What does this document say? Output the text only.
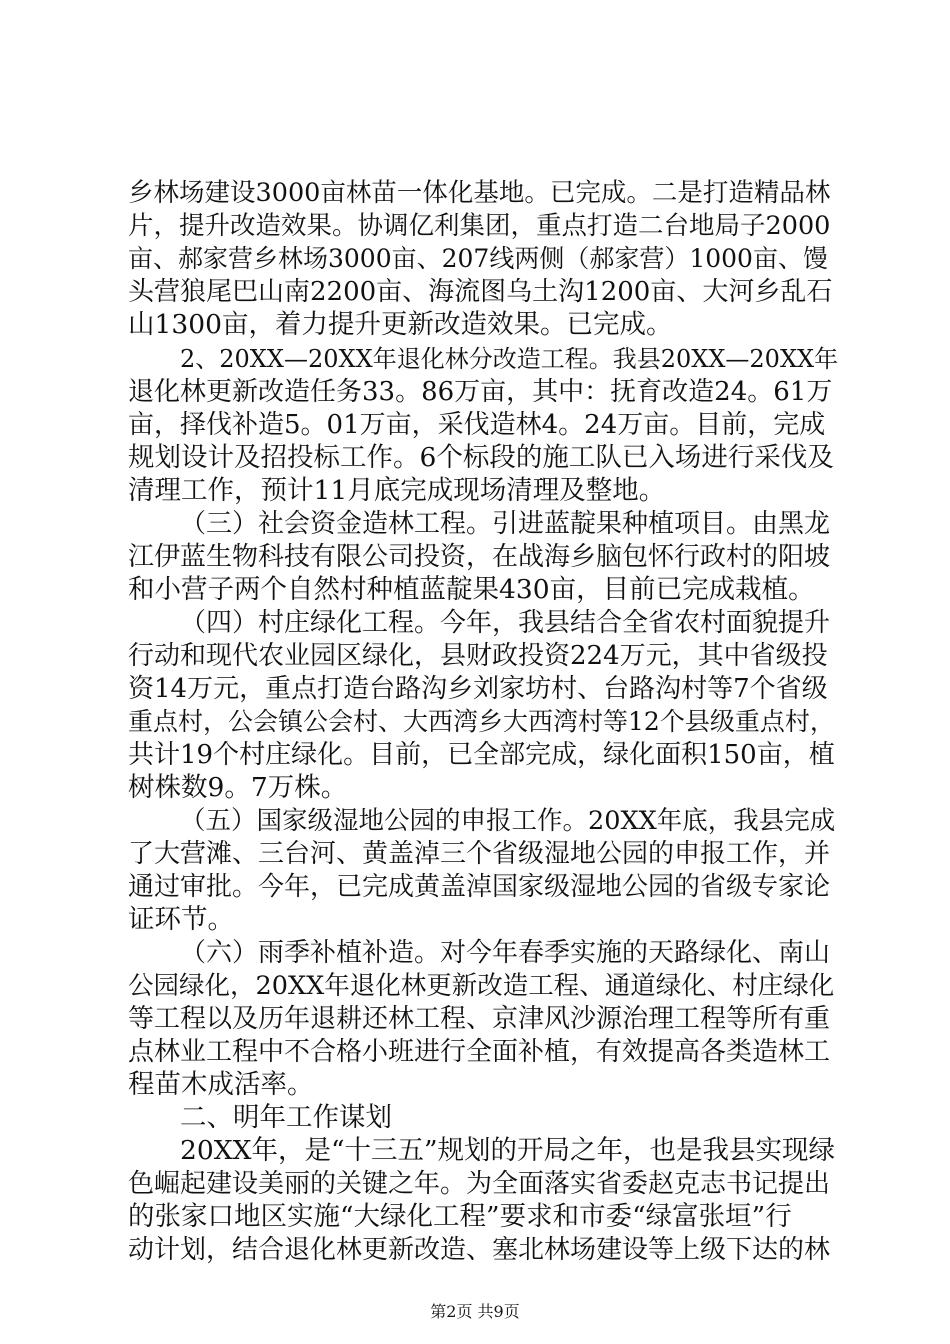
乡林场建设3000亩林苗一体化基地。已完成。二是打造精品林
片，提升改造效果。协调亿利集团，重点打造二台地局子2000
亩、郝家营乡林场3000亩、207线两侧（郝家营）1000亩、馒
头营狼尾巴山南2200亩、海流图乌土沟1200亩、大河乡乱石
山1300亩，着力提升更新改造效果。已完成。
2、20XX—20XX年退化林分改造工程。我县20XX—20XX年
退化林更新改造任务33。86万亩，其中：抚育改造24。61万
亩，择伐补造5。01万亩，采伐造林4。24万亩。目前，完成
规划设计及招投标工作。6个标段的施工队已入场进行采伐及
清理工作，预计11月底完成现场清理及整地。
（三）社会资金造林工程。引进蓝靛果种植项目。由黑龙
江伊蓝生物科技有限公司投资，在战海乡脑包怀行政村的阳坡
和小营子两个自然村种植蓝靛果430亩，目前已完成栽植。
（四）村庄绿化工程。今年，我县结合全省农村面貌提升
行动和现代农业园区绿化，县财政投资224万元，其中省级投
资14万元，重点打造台路沟乡刘家坊村、台路沟村等7个省级
重点村，公会镇公会村、大西湾乡大西湾村等12个县级重点村，
共计19个村庄绿化。目前，已全部完成，绿化面积150亩，植
树株数9。7万株。
（五）国家级湿地公园的申报工作。20XX年底，我县完成
了大营滩、三台河、黄盖淖三个省级湿地公园的申报工作，并
通过审批。今年，已完成黄盖淖国家级湿地公园的省级专家论
证环节。
（六）雨季补植补造。对今年春季实施的天路绿化、南山
公园绿化，20XX年退化林更新改造工程、通道绿化、村庄绿化
等工程以及历年退耕还林工程、京津风沙源治理工程等所有重
点林业工程中不合格小班进行全面补植，有效提高各类造林工
程苗木成活率。
二、明年工作谋划
20XX年，是“十三五”规划的开局之年，也是我县实现绿
色崛起建设美丽的关键之年。为全面落实省委赵克志书记提出
的张家口地区实施“大绿化工程”要求和市委“绿富张垣”行
动计划，结合退化林更新改造、塞北林场建设等上级下达的林
第2页 共9页
